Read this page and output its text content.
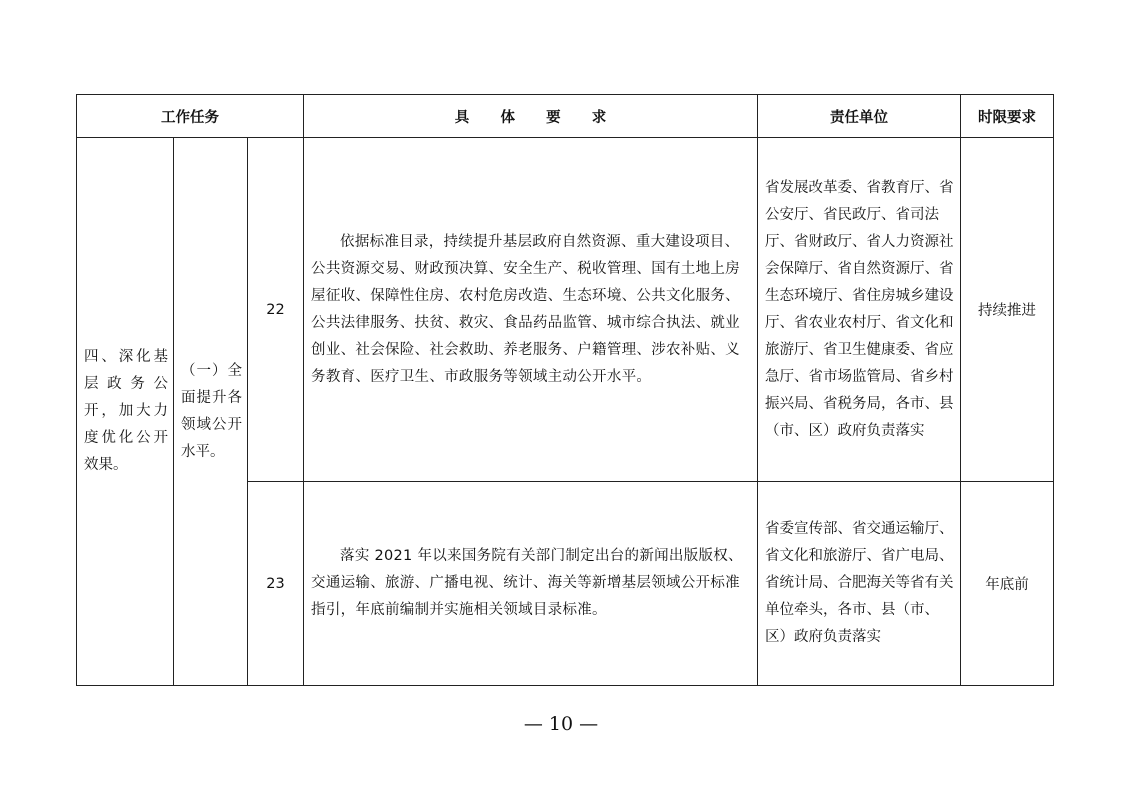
工作任务			具 体 要 求	责任单位	时限要求
四、深化基层政务公开，加大力度优化公开效果。	（一）全面提升各领域公开水平。	22	依据标准目录，持续提升基层政府自然资源、重大建设项目、公共资源交易、财政预决算、安全生产、税收管理、国有土地上房屋征收、保障性住房、农村危房改造、生态环境、公共文化服务、公共法律服务、扶贫、救灾、食品药品监管、城市综合执法、就业创业、社会保险、社会救助、养老服务、户籍管理、涉农补贴、义务教育、医疗卫生、市政服务等领域主动公开水平。	省发展改革委、省教育厅、省公安厅、省民政厅、省司法厅、省财政厅、省人力资源社会保障厅、省自然资源厅、省生态环境厅、省住房城乡建设厅、省农业农村厅、省文化和旅游厅、省卫生健康委、省应急厅、省市场监管局、省乡村振兴局、省税务局，各市、县（市、区）政府负责落实	持续推进
		23	落实 2021 年以来国务院有关部门制定出台的新闻出版版权、交通运输、旅游、广播电视、统计、海关等新增基层领域公开标准指引，年底前编制并实施相关领域目录标准。	省委宣传部、省交通运输厅、省文化和旅游厅、省广电局、省统计局、合肥海关等省有关单位牵头，各市、县（市、区）政府负责落实	年底前
— 10 —
